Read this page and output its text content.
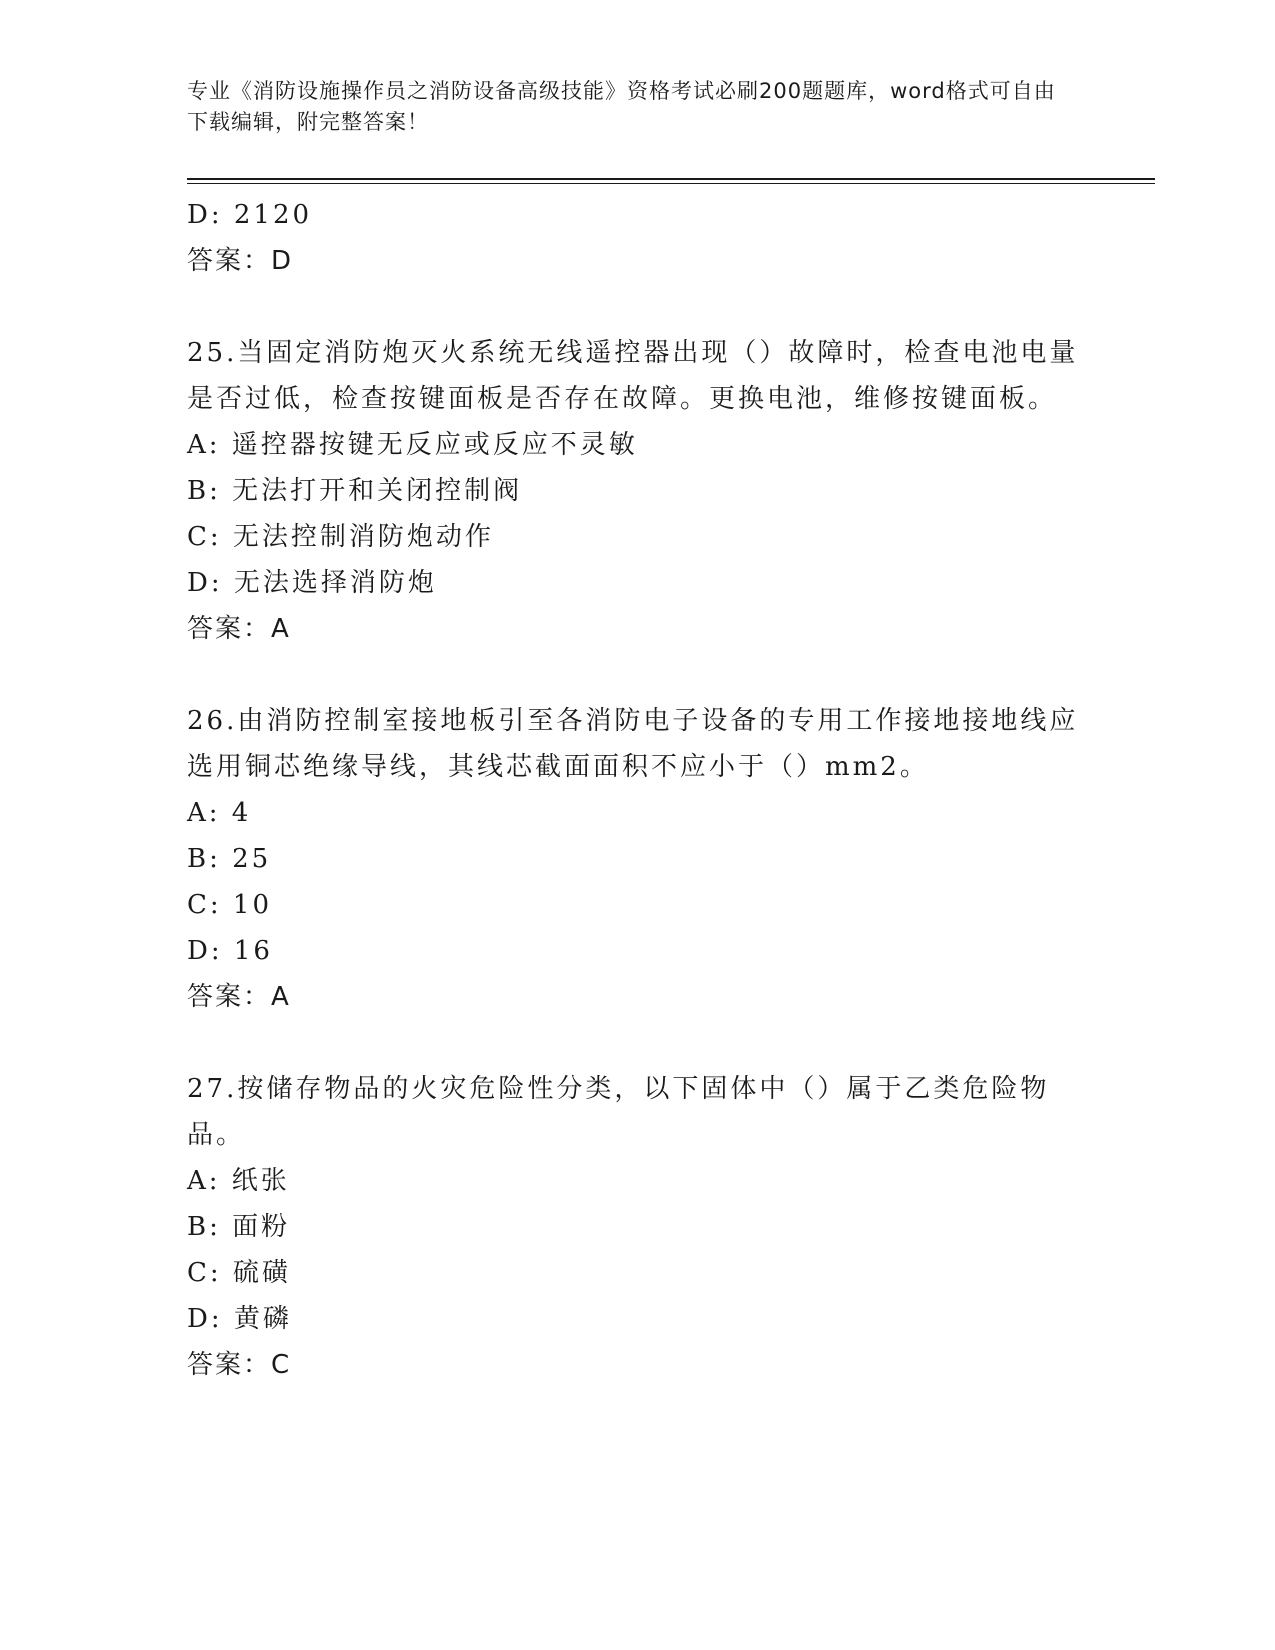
专业《消防设施操作员之消防设备高级技能》资格考试必刷200题题库，word格式可自由下载编辑，附完整答案！
D: 2120
答案：D
25.当固定消防炮灭火系统无线遥控器出现（）故障时，检查电池电量是否过低，检查按键面板是否存在故障。更换电池，维修按键面板。
A: 遥控器按键无反应或反应不灵敏
B: 无法打开和关闭控制阀
C: 无法控制消防炮动作
D: 无法选择消防炮
答案：A
26.由消防控制室接地板引至各消防电子设备的专用工作接地接地线应选用铜芯绝缘导线，其线芯截面面积不应小于（）mm2。
A: 4
B: 25
C: 10
D: 16
答案：A
27.按储存物品的火灾危险性分类，以下固体中（）属于乙类危险物品。
A: 纸张
B: 面粉
C: 硫磺
D: 黄磷
答案：C
